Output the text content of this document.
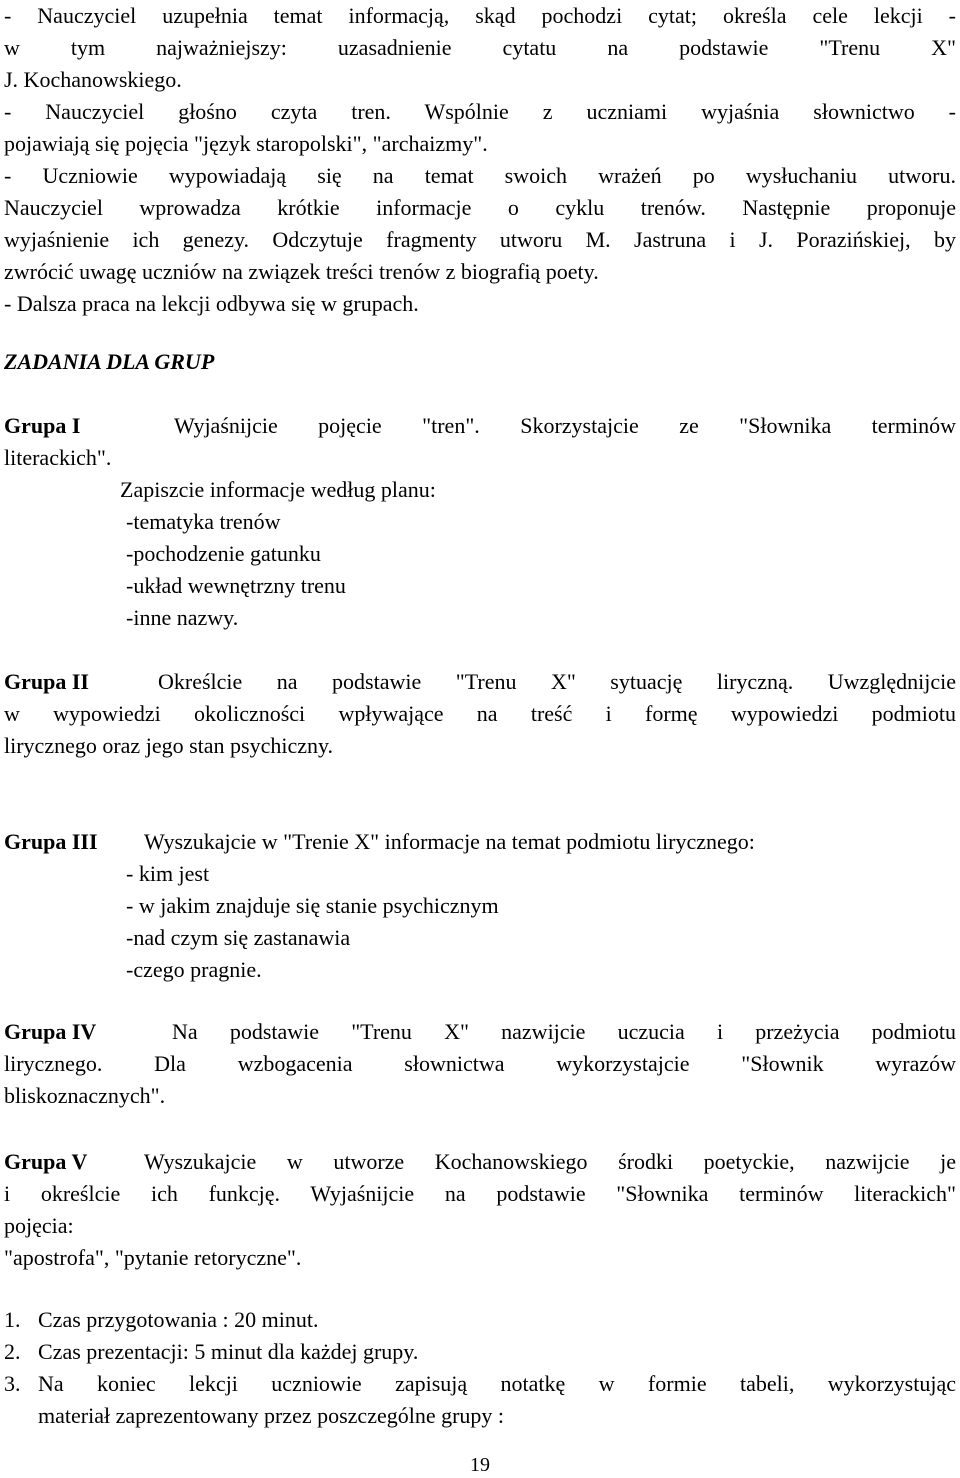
- Nauczyciel uzupełnia temat informacją, skąd pochodzi cytat; określa cele lekcji -
w tym najważniejszy: uzasadnienie cytatu na podstawie "Trenu X"
J. Kochanowskiego.
- Nauczyciel głośno czyta tren. Wspólnie z uczniami wyjaśnia słownictwo -
pojawiają się pojęcia "język staropolski", "archaizmy".
- Uczniowie wypowiadają się na temat swoich wrażeń po wysłuchaniu utworu.
Nauczyciel wprowadza krótkie informacje o cyklu trenów. Następnie proponuje
wyjaśnienie ich genezy. Odczytuje fragmenty utworu M. Jastruna i J. Porazińskiej, by
zwrócić uwagę uczniów na związek treści trenów z biografią poety.
- Dalsza praca na lekcji odbywa się w grupach.
ZADANIA DLA GRUP
Grupa I	Wyjaśnijcie pojęcie "tren". Skorzystajcie ze "Słownika terminów
literackich".
Zapiszcie informacje według planu:
-tematyka trenów
-pochodzenie gatunku
-układ wewnętrzny trenu
-inne nazwy.
Grupa II	Określcie na podstawie "Trenu X" sytuację liryczną. Uwzględnijcie
w wypowiedzi okoliczności wpływające na treść i formę wypowiedzi podmiotu
lirycznego oraz jego stan psychiczny.
Grupa III	Wyszukajcie w "Trenie X" informacje na temat podmiotu lirycznego:
- kim jest
- w jakim znajduje się stanie psychicznym
-nad czym się zastanawia
-czego pragnie.
Grupa IV	Na podstawie "Trenu X" nazwijcie uczucia i przeżycia podmiotu
lirycznego. Dla wzbogacenia słownictwa wykorzystajcie "Słownik wyrazów
bliskoznacznych".
Grupa V	Wyszukajcie w utworze Kochanowskiego środki poetyckie, nazwijcie je
i określcie ich funkcję. Wyjaśnijcie na podstawie "Słownika terminów literackich"
pojęcia:
"apostrofa", "pytanie retoryczne".
1. Czas przygotowania : 20 minut.
2. Czas prezentacji: 5 minut dla każdej grupy.
3. Na koniec lekcji uczniowie zapisują notatkę w formie tabeli, wykorzystując
materiał zaprezentowany przez poszczególne grupy :
19
